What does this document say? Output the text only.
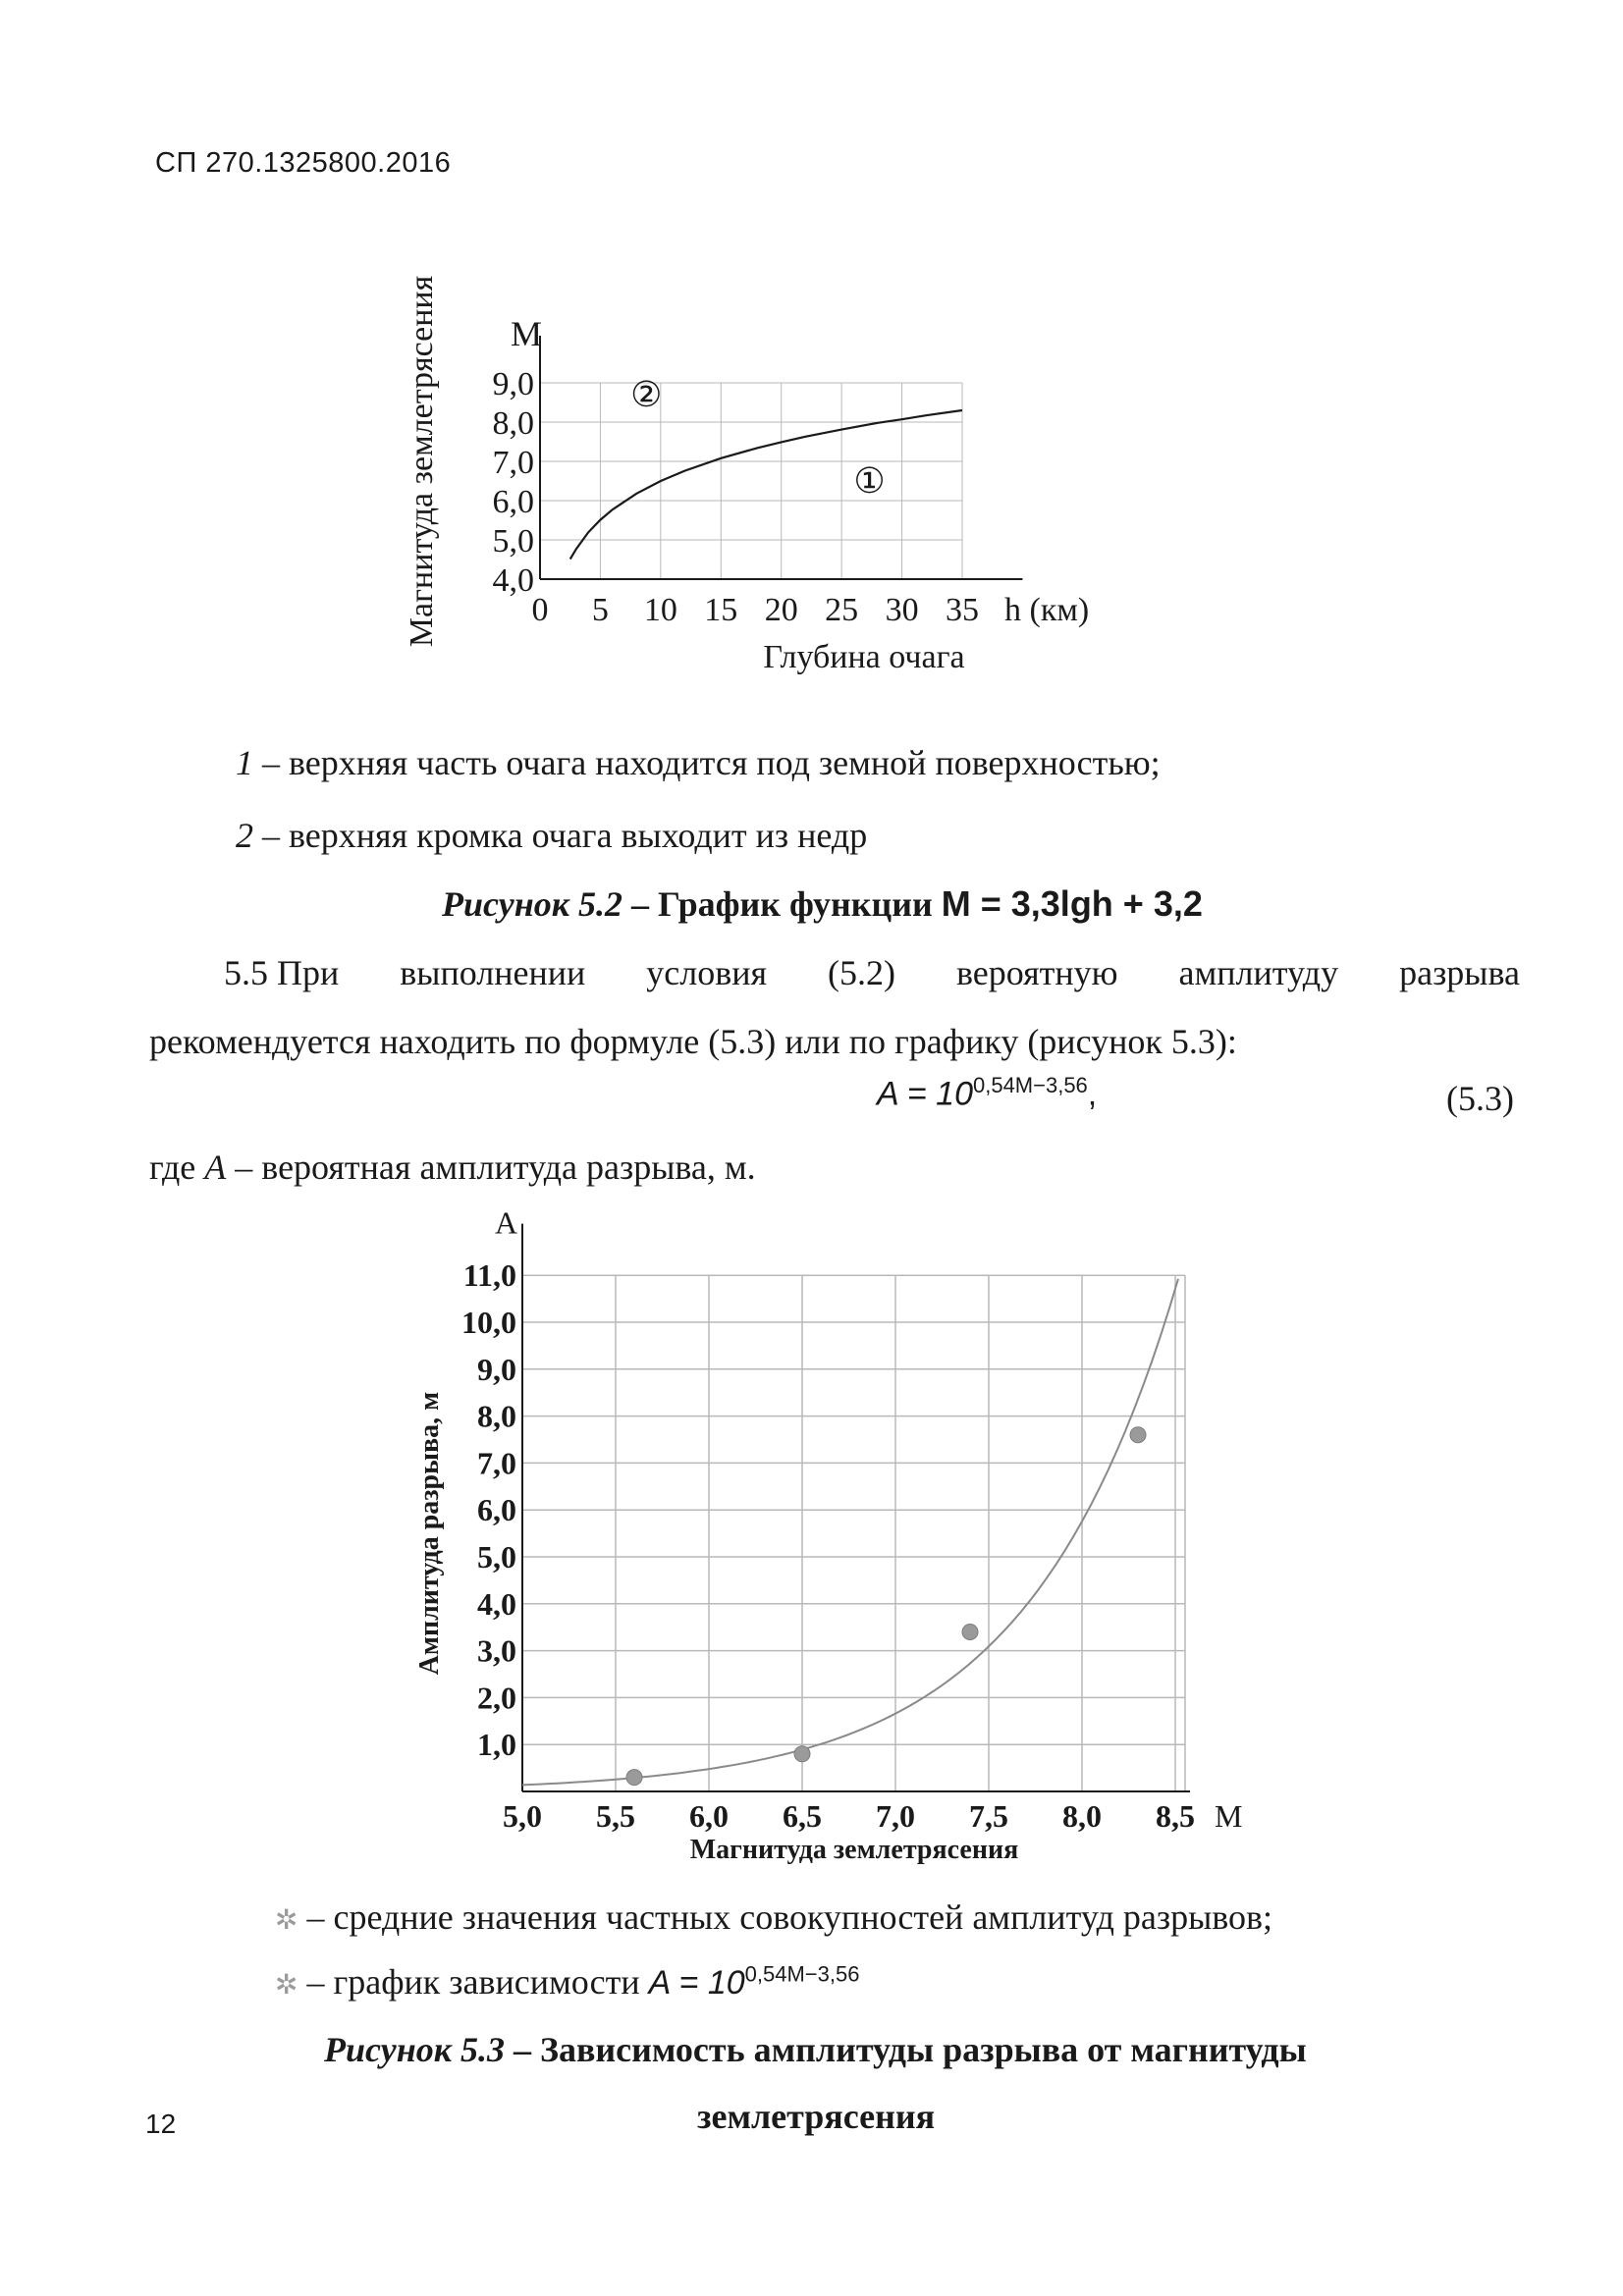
СП 270.1325800.2016
4,0
5,0
6,0
7,0
8,0
9,0
0 5 10 15 20 25 30 35
M
h (км)
Глубина очага
Магнитуда землетрясения	②
①
1 – верхняя часть очага находится под земной поверхностью;
2 – верхняя кромка очага выходит из недр
Рисунок 5.2 – График функции M = 3,3lgh + 3,2
5.5 При выполнении условия (5.2) вероятную амплитуду разрыва
рекомендуется находить по формуле (5.3) или по графику (рисунок 5.3):
$A = 10^{0,54M-3,56}$,	(5.3)
где A – вероятная амплитуда разрыва, м.
1,0
2,0
3,0
4,0
5,0
6,0
7,0
8,0
9,0
10,0
11,0
5,0 5,5 6,0 6,5 7,0 7,5 8,0 8,5 M
A
Магнитуда землетрясения
Амплитуда разрыва, м
✲ – средние значения частных совокупностей амплитуд разрывов;
✲ – график зависимости $A = 10^{0,54M-3,56}$
Рисунок 5.3 – Зависимость амплитуды разрыва от магнитуды
землетрясения
12
